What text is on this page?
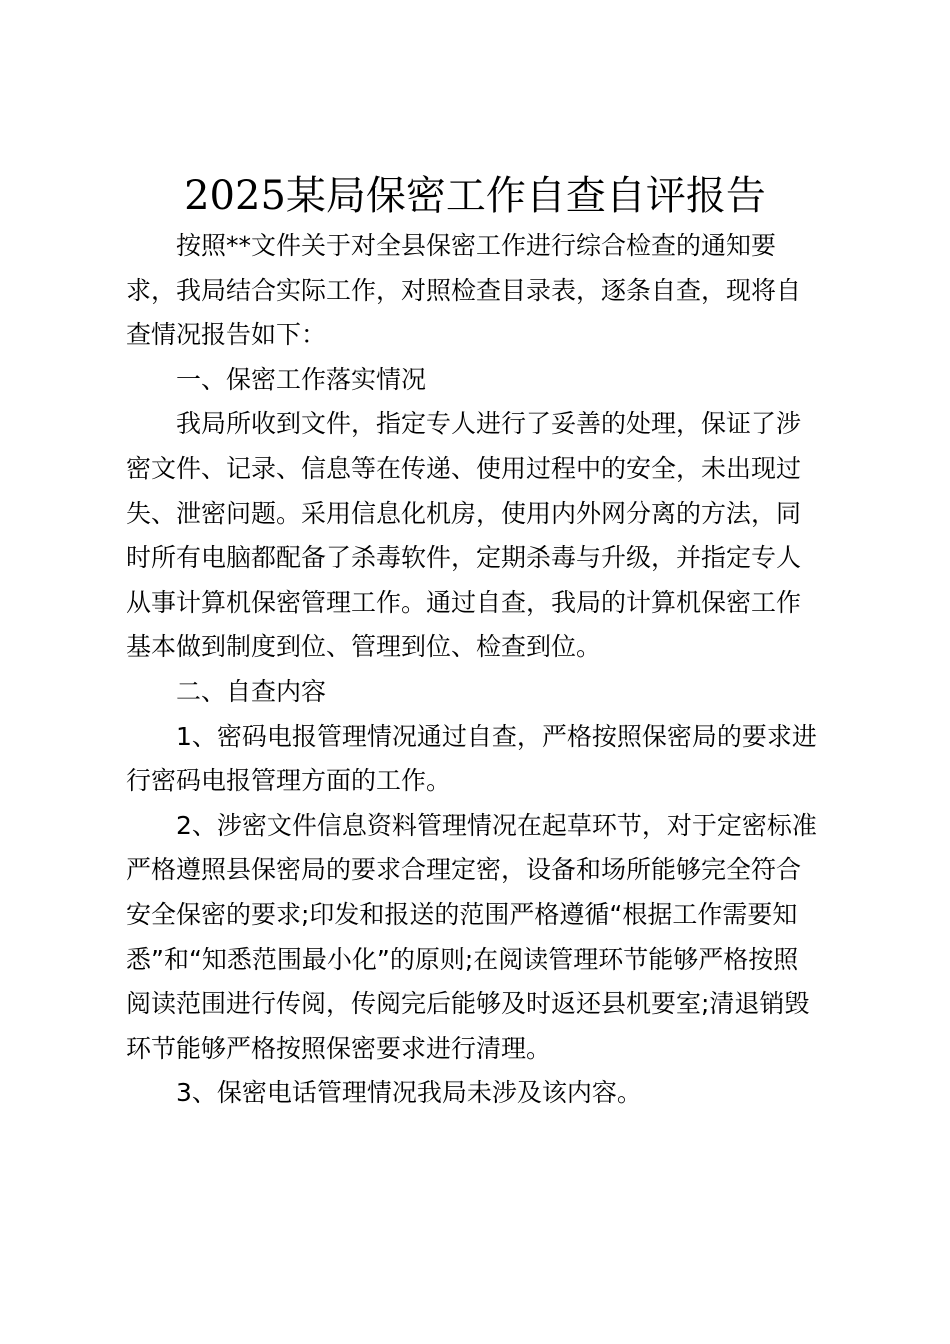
2025某局保密工作自查自评报告

按照**文件关于对全县保密工作进行综合检查的通知要
求，我局结合实际工作，对照检查目录表，逐条自查，现将自
查情况报告如下：

一、保密工作落实情况

我局所收到文件，指定专人进行了妥善的处理，保证了涉
密文件、记录、信息等在传递、使用过程中的安全，未出现过
失、泄密问题。采用信息化机房，使用内外网分离的方法，同
时所有电脑都配备了杀毒软件，定期杀毒与升级，并指定专人
从事计算机保密管理工作。通过自查，我局的计算机保密工作
基本做到制度到位、管理到位、检查到位。

二、自查内容

1、密码电报管理情况通过自查，严格按照保密局的要求进
行密码电报管理方面的工作。

2、涉密文件信息资料管理情况在起草环节，对于定密标准
严格遵照县保密局的要求合理定密，设备和场所能够完全符合
安全保密的要求;印发和报送的范围严格遵循“根据工作需要知
悉”和“知悉范围最小化”的原则;在阅读管理环节能够严格按照
阅读范围进行传阅，传阅完后能够及时返还县机要室;清退销毁
环节能够严格按照保密要求进行清理。

3、保密电话管理情况我局未涉及该内容。
